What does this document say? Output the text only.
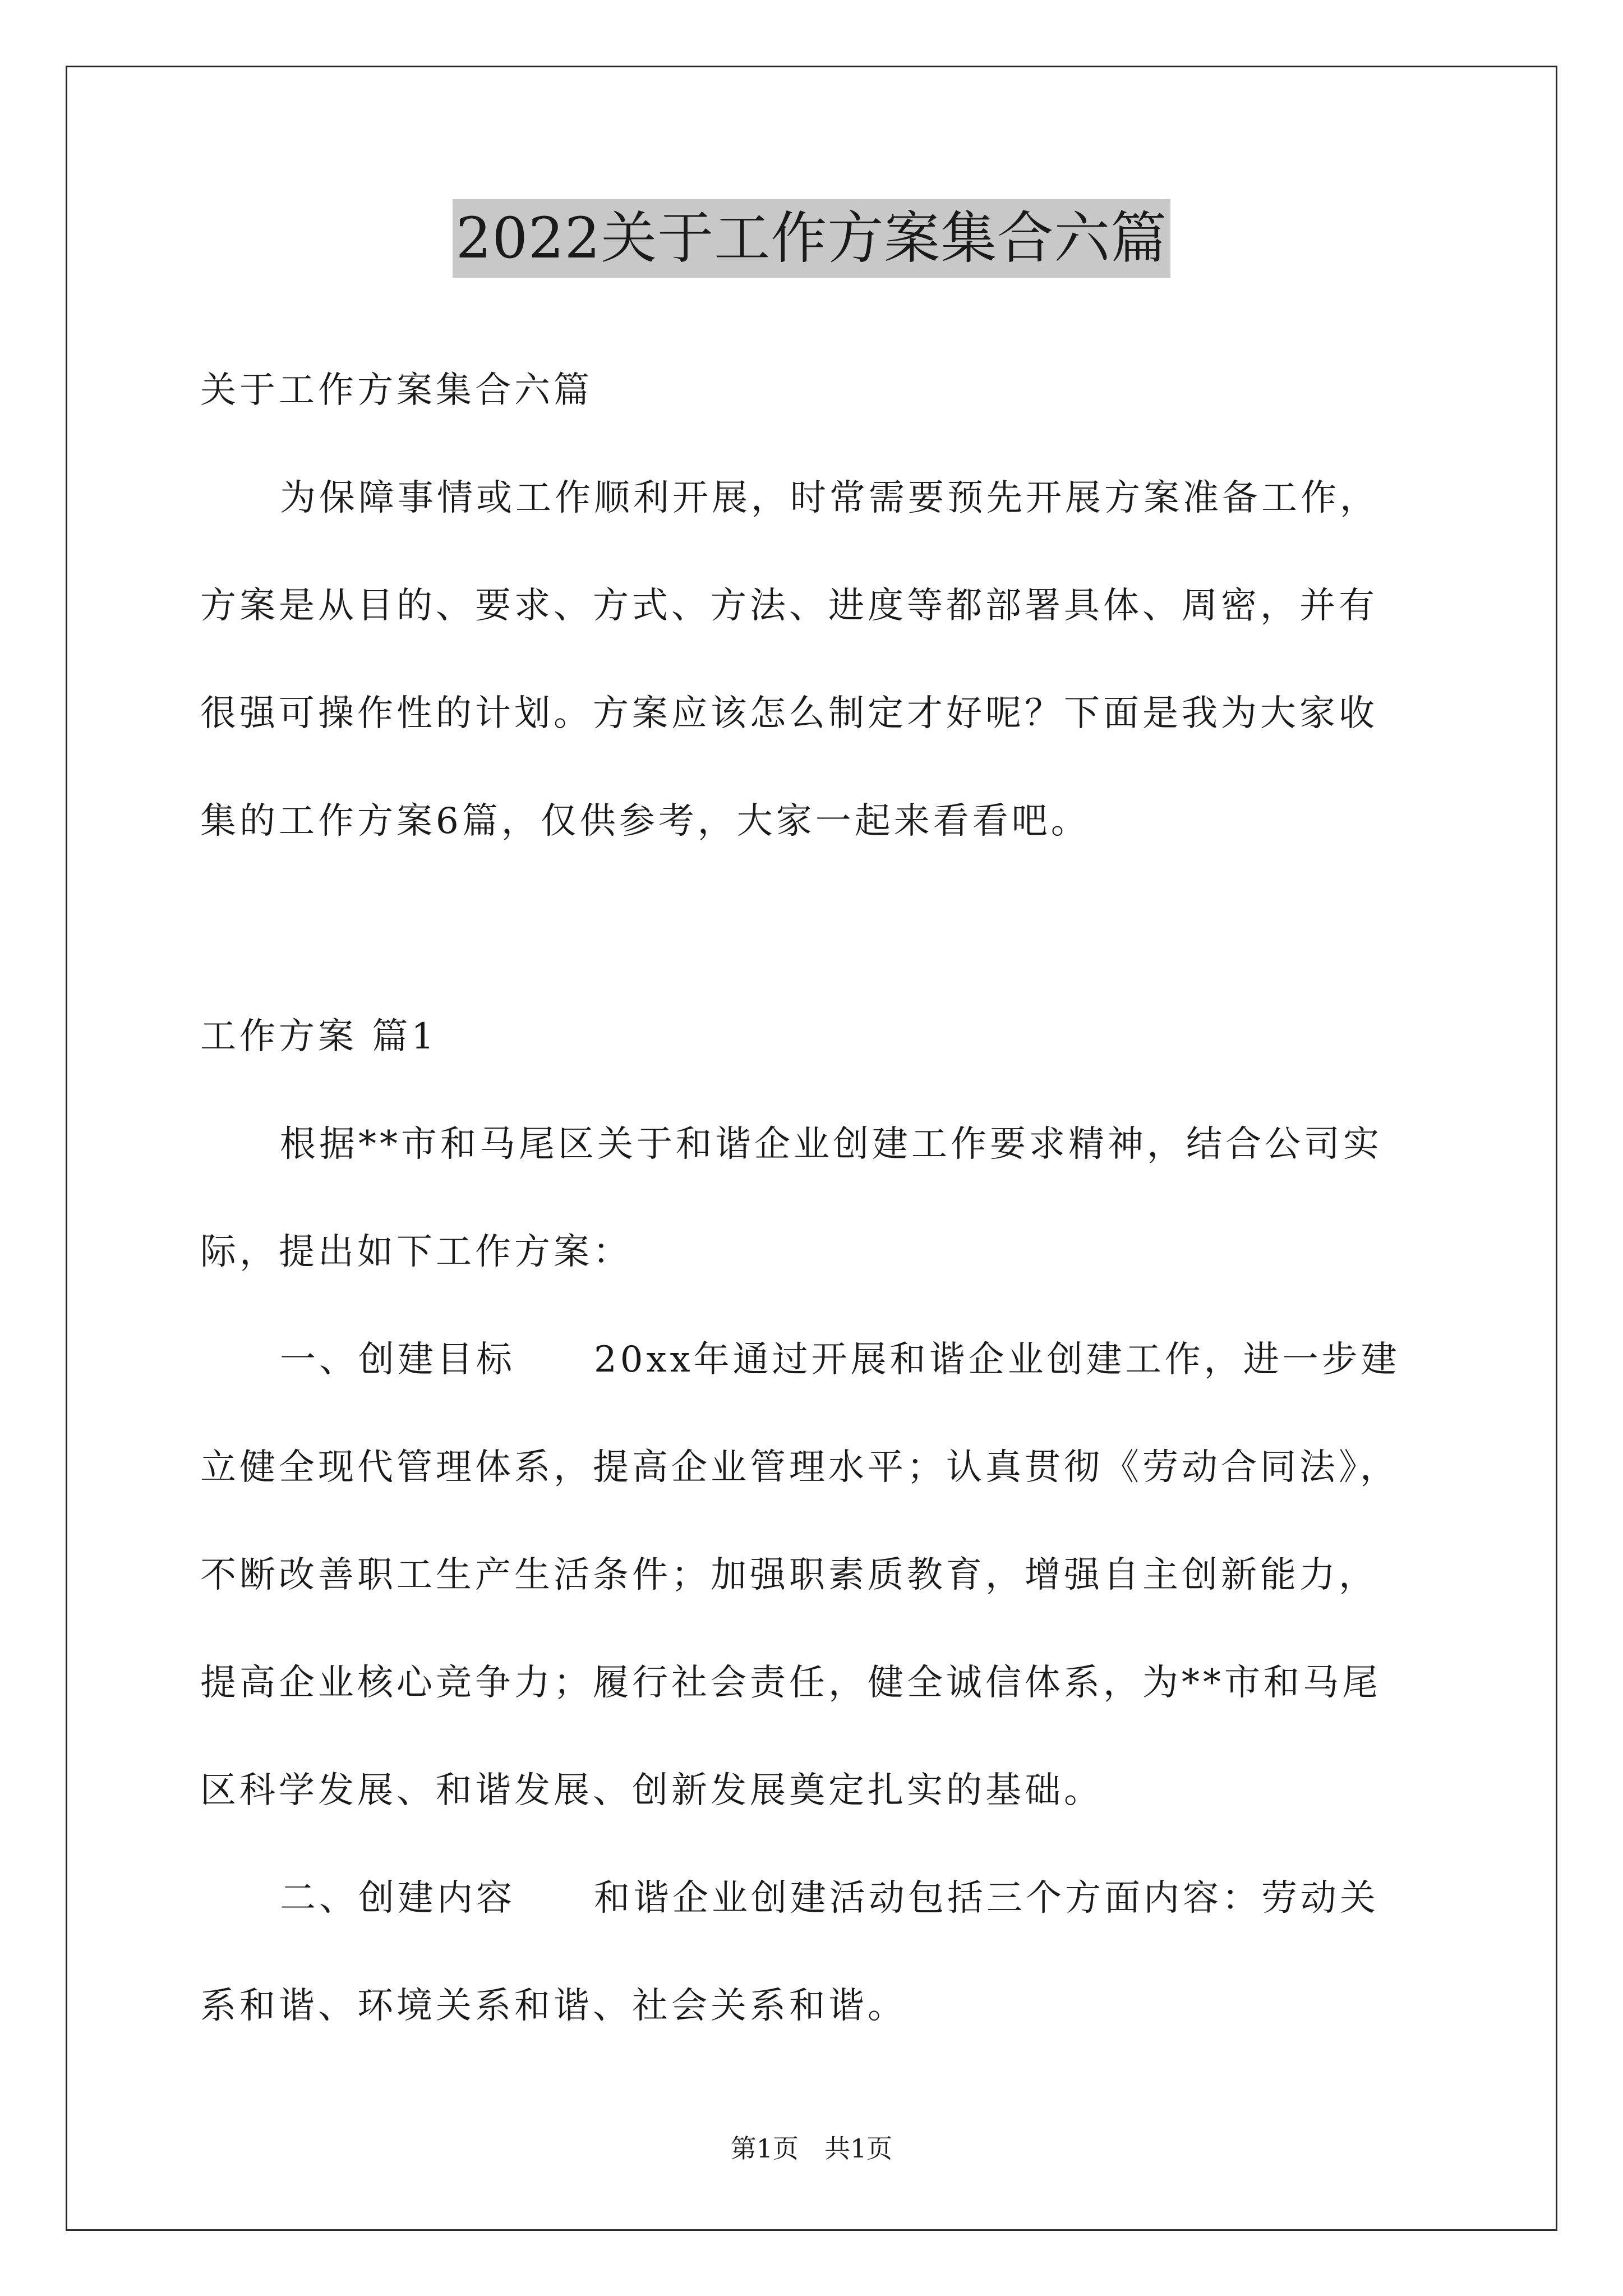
2022关于工作方案集合六篇
关于工作方案集合六篇
为保障事情或工作顺利开展，时常需要预先开展方案准备工作，
方案是从目的、要求、方式、方法、进度等都部署具体、周密，并有
很强可操作性的计划。方案应该怎么制定才好呢？下面是我为大家收
集的工作方案6篇，仅供参考，大家一起来看看吧。
工作方案 篇1
根据**市和马尾区关于和谐企业创建工作要求精神，结合公司实
际，提出如下工作方案：
一、创建目标 20xx年通过开展和谐企业创建工作，进一步建
立健全现代管理体系，提高企业管理水平；认真贯彻《劳动合同法》，
不断改善职工生产生活条件；加强职素质教育，增强自主创新能力，
提高企业核心竞争力；履行社会责任，健全诚信体系，为**市和马尾
区科学发展、和谐发展、创新发展奠定扎实的基础。
二、创建内容 和谐企业创建活动包括三个方面内容：劳动关
系和谐、环境关系和谐、社会关系和谐。
第1页　共1页
